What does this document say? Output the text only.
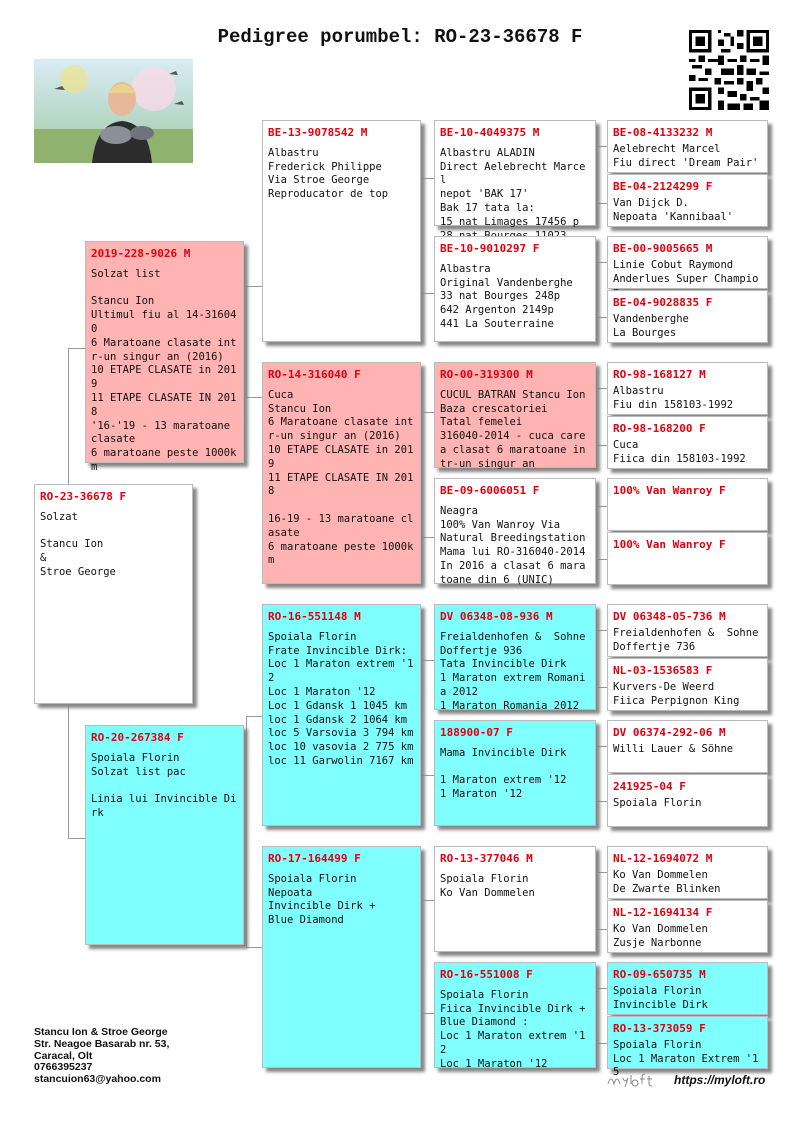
Pedigree porumbel: RO-23-36678 F
RO-23-36678 F
Solzat

Stancu Ion
&
Stroe George
2019-228-9026 M
Solzat list

Stancu Ion
Ultimul fiu al 14-316040
6 Maratoane clasate intr-un singur an (2016)
10 ETAPE CLASATE in 2019
11 ETAPE CLASATE IN 2018
'16-'19 - 13 maratoane clasate
6 maratoane peste 1000km
RO-20-267384 F
Spoiala Florin
Solzat list pac

Linia lui Invincible Dirk
BE-13-9078542 M
Albastru
Frederick Philippe
Via Stroe George
Reproducator de top
RO-14-316040 F
Cuca
Stancu Ion
6 Maratoane clasate intr-un singur an (2016)
10 ETAPE CLASATE in 2019
11 ETAPE CLASATE IN 2018

16-19 - 13 maratoane clasate
6 maratoane peste 1000km
RO-16-551148 M
Spoiala Florin
Frate Invincible Dirk:
Loc 1 Maraton extrem '12
Loc 1 Maraton '12
Loc 1 Gdansk 1 1045 km
loc 1 Gdansk 2 1064 km
loc 5 Varsovia 3 794 km
loc 10 vasovia 2 775 km
loc 11 Garwolin 7167 km
RO-17-164499 F
Spoiala Florin
Nepoata
Invincible Dirk +
Blue Diamond
BE-10-4049375 M
Albastru ALADIN
Direct Aelebrecht Marcel
nepot 'BAK 17'
Bak 17 tata la:
15 nat Limages 17456 p
BE-10-9010297 F
Albastra
Original Vandenberghe
33 nat Bourges 248p
642 Argenton 2149p
441 La Souterraine
RO-00-319300 M
CUCUL BATRAN Stancu Ion
Baza crescatoriei
Tatal femelei
316040-2014 - cuca care a clasat 6 maratoane intr-un singur an
BE-09-6006051 F
Neagra
100% Van Wanroy Via
Natural Breedingstation
Mama lui RO-316040-2014
In 2016 a clasat 6 maratoane din 6 (UNIC)
DV 06348-08-936 M
Freialdenhofen &  Sohne
Doffertje 936
Tata Invincible Dirk
1 Maraton extrem Romania 2012
1 Maraton Romania 2012
188900-07 F
Mama Invincible Dirk

1 Maraton extrem '12
1 Maraton '12
RO-13-377046 M
Spoiala Florin
Ko Van Dommelen
RO-16-551008 F
Spoiala Florin
Fiica Invincible Dirk + Blue Diamond :
Loc 1 Maraton extrem '12
Loc 1 Maraton '12
BE-08-4133232 M
Aelebrecht Marcel
Fiu direct 'Dream Pair'
BE-04-2124299 F
Van Dijck D.
Nepoata 'Kannibaal'
BE-00-9005665 M
Linie Cobut Raymond
Anderlues Super Champio
BE-04-9028835 F
Vandenberghe
La Bourges
RO-98-168127 M
Albastru
Fiu din 158103-1992
RO-98-168200 F
Cuca
Fiica din 158103-1992
100% Van Wanroy F
100% Van Wanroy F
DV 06348-05-736 M
Freialdenhofen &  Sohne
Doffertje 736
NL-03-1536583 F
Kurvers-De Weerd
Fiica Perpignon King
DV 06374-292-06 M
Willi Lauer & Söhne
241925-04 F
Spoiala Florin
NL-12-1694072 M
Ko Van Dommelen
De Zwarte Blinken
NL-12-1694134 F
Ko Van Dommelen
Zusje Narbonne
RO-09-650735 M
Spoiala Florin
Invincible Dirk
RO-13-373059 F
Spoiala Florin
Loc 1 Maraton Extrem '15
Stancu Ion & Stroe George
Str. Neagoe Basarab nr. 53,
Caracal, Olt
0766395237
stancuion63@yahoo.com	https://myloft.ro
